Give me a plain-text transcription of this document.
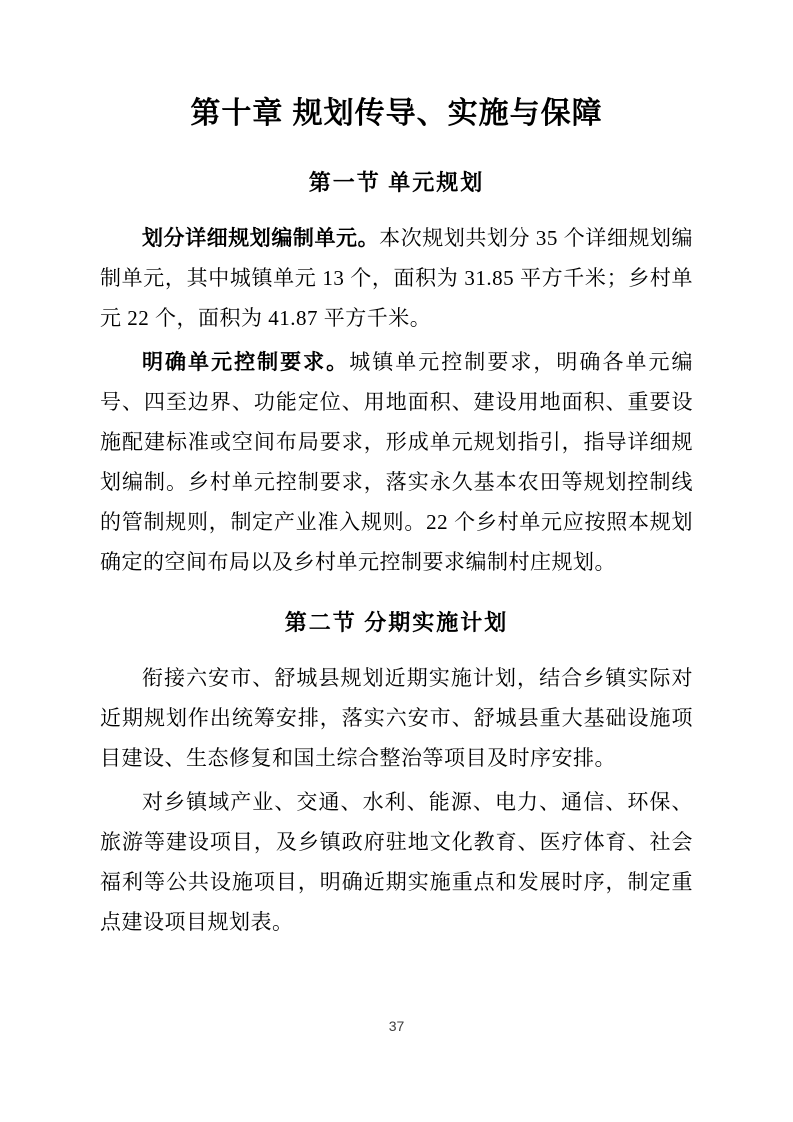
第十章 规划传导、实施与保障
第一节 单元规划

划分详细规划编制单元。本次规划共划分 35 个详细规划编制单元，其中城镇单元 13 个，面积为 31.85 平方千米；乡村单元 22 个，面积为 41.87 平方千米。

明确单元控制要求。城镇单元控制要求，明确各单元编号、四至边界、功能定位、用地面积、建设用地面积、重要设施配建标准或空间布局要求，形成单元规划指引，指导详细规划编制。乡村单元控制要求，落实永久基本农田等规划控制线的管制规则，制定产业准入规则。22 个乡村单元应按照本规划确定的空间布局以及乡村单元控制要求编制村庄规划。

第二节 分期实施计划

衔接六安市、舒城县规划近期实施计划，结合乡镇实际对近期规划作出统筹安排，落实六安市、舒城县重大基础设施项目建设、生态修复和国土综合整治等项目及时序安排。

对乡镇域产业、交通、水利、能源、电力、通信、环保、旅游等建设项目，及乡镇政府驻地文化教育、医疗体育、社会福利等公共设施项目，明确近期实施重点和发展时序，制定重点建设项目规划表。

37
